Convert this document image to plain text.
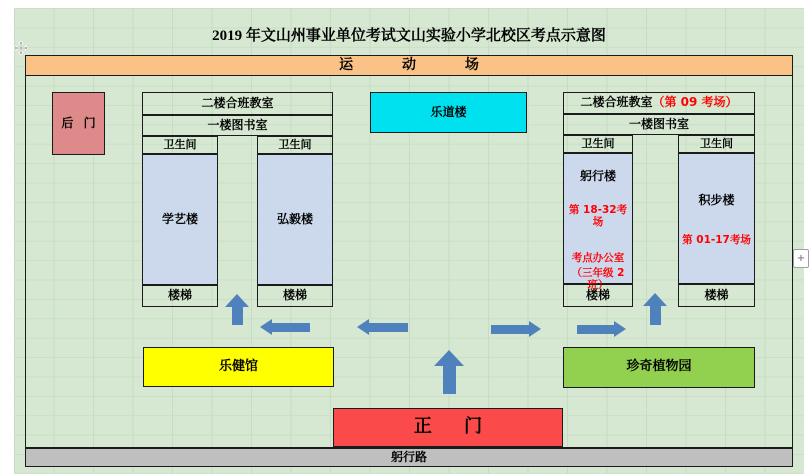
2019 年文山州事业单位考试文山实验小学北校区考点示意图
运 动 场
后 门
二楼合班教室
一楼图书室
卫生间	卫生间
学艺楼	弘毅楼
楼梯	楼梯
乐道楼
二楼合班教室 （第 09 考场）
一楼图书室
卫生间	卫生间
躬行楼
第 18-32考场
考点办公室
（三年级 2 班）
积步楼
第 01-17考场
楼梯	楼梯
乐健馆	珍奇植物园
正 门
躬行路
+
